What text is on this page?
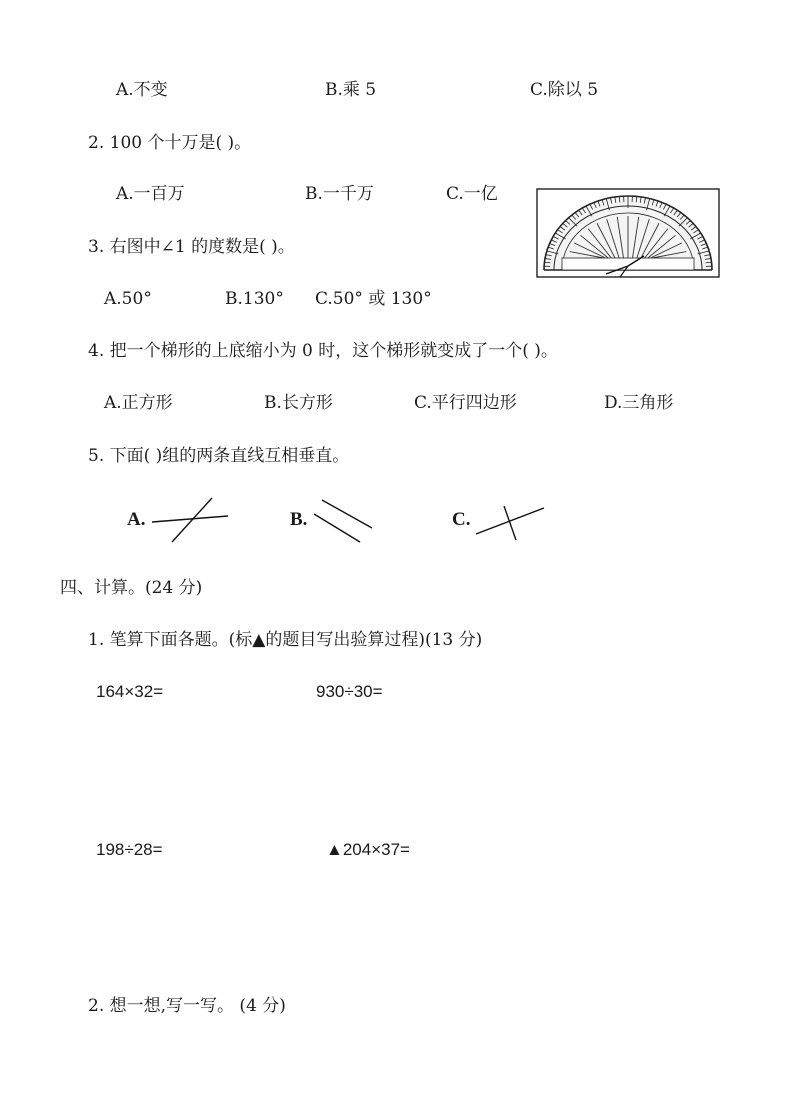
A.不变	B.乘 5	C.除以 5
2. 100 个十万是( )。
A.一百万	B.一千万	C.一亿
3. 右图中∠1 的度数是( )。
A.50°	B.130° C.50° 或 130°
4. 把一个梯形的上底缩小为 0 时，这个梯形就变成了一个( )。
A.正方形	B.长方形	C.平行四边形	D.三角形
5. 下面( )组的两条直线互相垂直。
A.	B.	C.
四、计算。(24 分)
1. 笔算下面各题。(标▲的题目写出验算过程)(13 分)
164×32=	930÷30=
198÷28=	▲204×37=
2. 想一想,写一写。 (4 分)
